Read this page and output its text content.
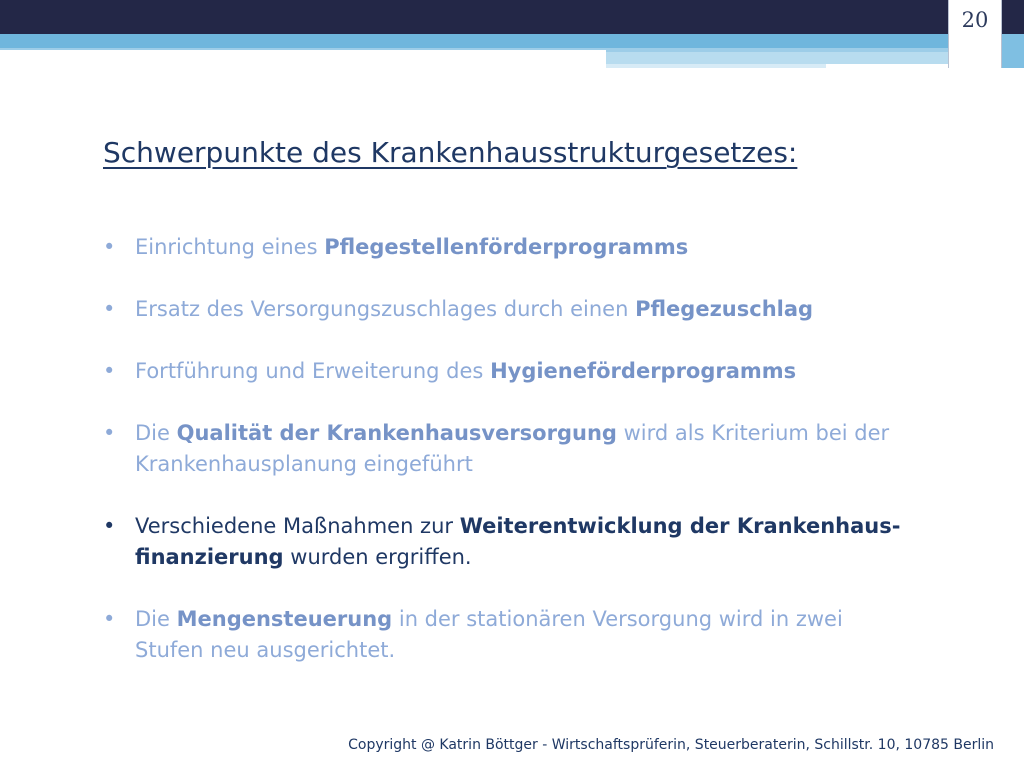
20
Schwerpunkte des Krankenhausstrukturgesetzes:
• Einrichtung eines Pflegestellenförderprogramms
• Ersatz des Versorgungszuschlages durch einen Pflegezuschlag
• Fortführung und Erweiterung des Hygieneförderprogramms
• Die Qualität der Krankenhausversorgung wird als Kriterium bei der Krankenhausplanung eingeführt
• Verschiedene Maßnahmen zur Weiterentwicklung der Krankenhaus-finanzierung wurden ergriffen.
• Die Mengensteuerung in der stationären Versorgung wird in zwei Stufen neu ausgerichtet.
Copyright @ Katrin Böttger - Wirtschaftsprüferin, Steuerberaterin, Schillstr. 10, 10785 Berlin
